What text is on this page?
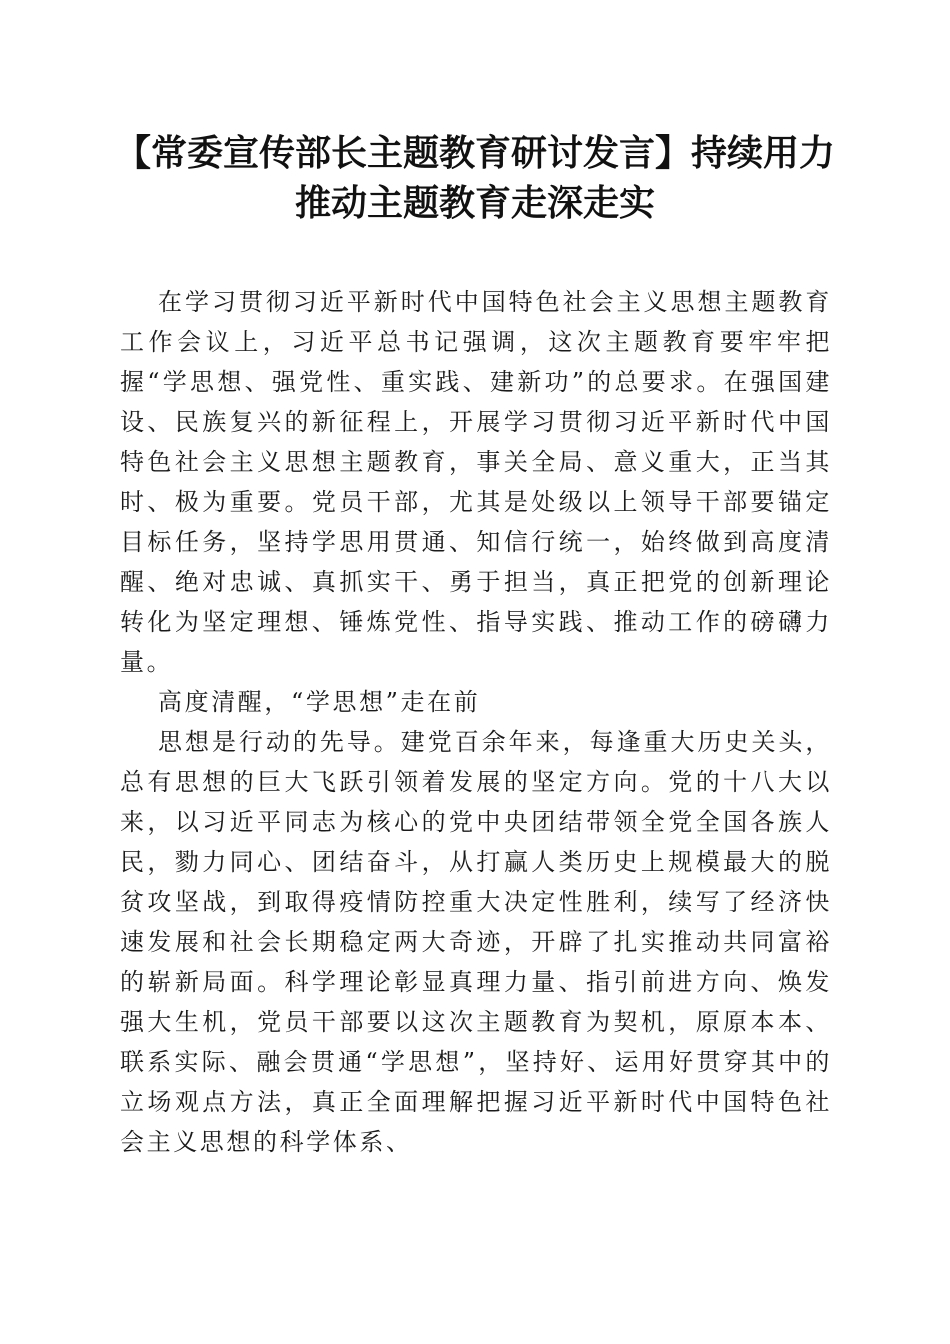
【常委宣传部长主题教育研讨发言】持续用力
推动主题教育走深走实

在学习贯彻习近平新时代中国特色社会主义思想主题教育工作会议上，习近平总书记强调，这次主题教育要牢牢把握“学思想、强党性、重实践、建新功”的总要求。在强国建设、民族复兴的新征程上，开展学习贯彻习近平新时代中国特色社会主义思想主题教育，事关全局、意义重大，正当其时、极为重要。党员干部，尤其是处级以上领导干部要锚定目标任务，坚持学思用贯通、知信行统一，始终做到高度清醒、绝对忠诚、真抓实干、勇于担当，真正把党的创新理论转化为坚定理想、锤炼党性、指导实践、推动工作的磅礴力量。

高度清醒，“学思想”走在前

思想是行动的先导。建党百余年来，每逢重大历史关头，总有思想的巨大飞跃引领着发展的坚定方向。党的十八大以来，以习近平同志为核心的党中央团结带领全党全国各族人民，勠力同心、团结奋斗，从打赢人类历史上规模最大的脱贫攻坚战，到取得疫情防控重大决定性胜利，续写了经济快速发展和社会长期稳定两大奇迹，开辟了扎实推动共同富裕的崭新局面。科学理论彰显真理力量、指引前进方向、焕发强大生机，党员干部要以这次主题教育为契机，原原本本、联系实际、融会贯通“学思想”，坚持好、运用好贯穿其中的立场观点方法，真正全面理解把握习近平新时代中国特色社会主义思想的科学体系、
